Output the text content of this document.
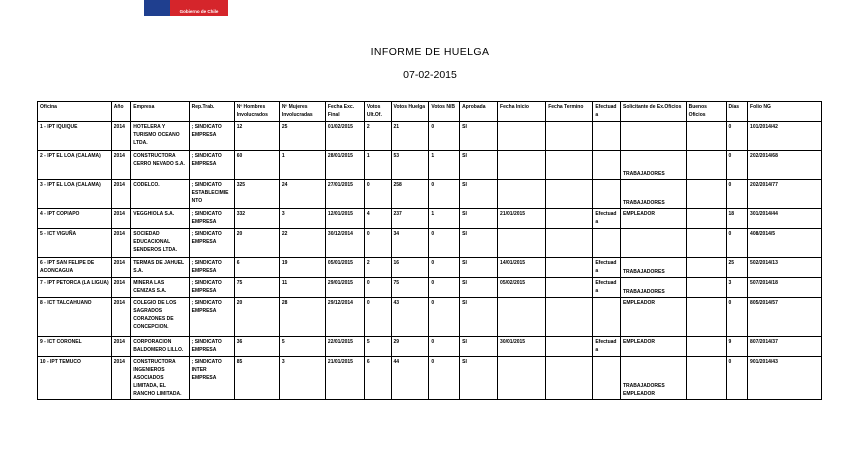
Gobierno de Chile
INFORME DE HUELGA
07-02-2015
Oficina	Año	Empresa	Rep.Trab.	Nº Hombres Involucrados	Nº Mujeres Involucradas	Fecha Exc. Final	Votos Ult.Of.	Votos Huelga	Votos N/B	Aprobada	Fecha Inicio	Fecha Termino	Efectuada	Solicitante de Ex.Oficios	Buenos Oficios	Días	Folio NG
1 - IPT IQUIQUE	2014	HOTELERA Y TURISMO OCEANO LTDA.	; SINDICATO EMPRESA	12	25	01/02/2015	2	21	0	SI						0	101/2014/42
2 - IPT EL LOA (CALAMA)	2014	CONSTRUCTORA CERRO NEVADO S.A.	; SINDICATO EMPRESA	60	1	28/01/2015	1	53	1	SI				TRABAJADORES		0	202/2014/68
3 - IPT EL LOA (CALAMA)	2014	CODELCO.	; SINDICATO ESTABLECIMIENTO	325	24	27/01/2015	0	258	0	SI				TRABAJADORES		0	202/2014/77
4 - IPT COPIAPO	2014	VEGGHIOLA S.A.	; SINDICATO EMPRESA	332	3	12/01/2015	4	237	1	SI	21/01/2015		Efectuada	EMPLEADOR		18	301/2014/44
5 - ICT VIGUÑA	2014	SOCIEDAD EDUCACIONAL SENDEROS LTDA.	; SINDICATO EMPRESA	20	22	30/12/2014	0	34	0	SI						0	408/2014/5
6 - IPT SAN FELIPE DE ACONCAGUA	2014	TERMAS DE JAHUEL S.A.	; SINDICATO EMPRESA	6	19	05/01/2015	2	16	0	SI	14/01/2015		Efectuada	TRABAJADORES		25	502/2014/13
7 - IPT PETORCA (LA LIGUA)	2014	MINERA LAS CENIZAS S.A.	; SINDICATO EMPRESA	75	11	29/01/2015	0	75	0	SI	05/02/2015		Efectuada	TRABAJADORES		3	507/2014/18
8 - ICT TALCAHUANO	2014	COLEGIO DE LOS SAGRADOS CORAZONES DE CONCEPCION.	; SINDICATO EMPRESA	20	28	29/12/2014	0	43	0	SI				EMPLEADOR		0	805/2014/57
9 - ICT CORONEL	2014	CORPORACION BALDOMERO LILLO.	; SINDICATO EMPRESA	36	5	22/01/2015	5	29	0	SI	30/01/2015		Efectuada	EMPLEADOR		9	807/2014/37
10 - IPT TEMUCO	2014	CONSTRUCTORA INGENIEROS ASOCIADOS LIMITADA, EL RANCHO LIMITADA.	; SINDICATO INTER EMPRESA	85	3	21/01/2015	6	44	0	SI				TRABAJADORES EMPLEADOR		0	901/2014/43
